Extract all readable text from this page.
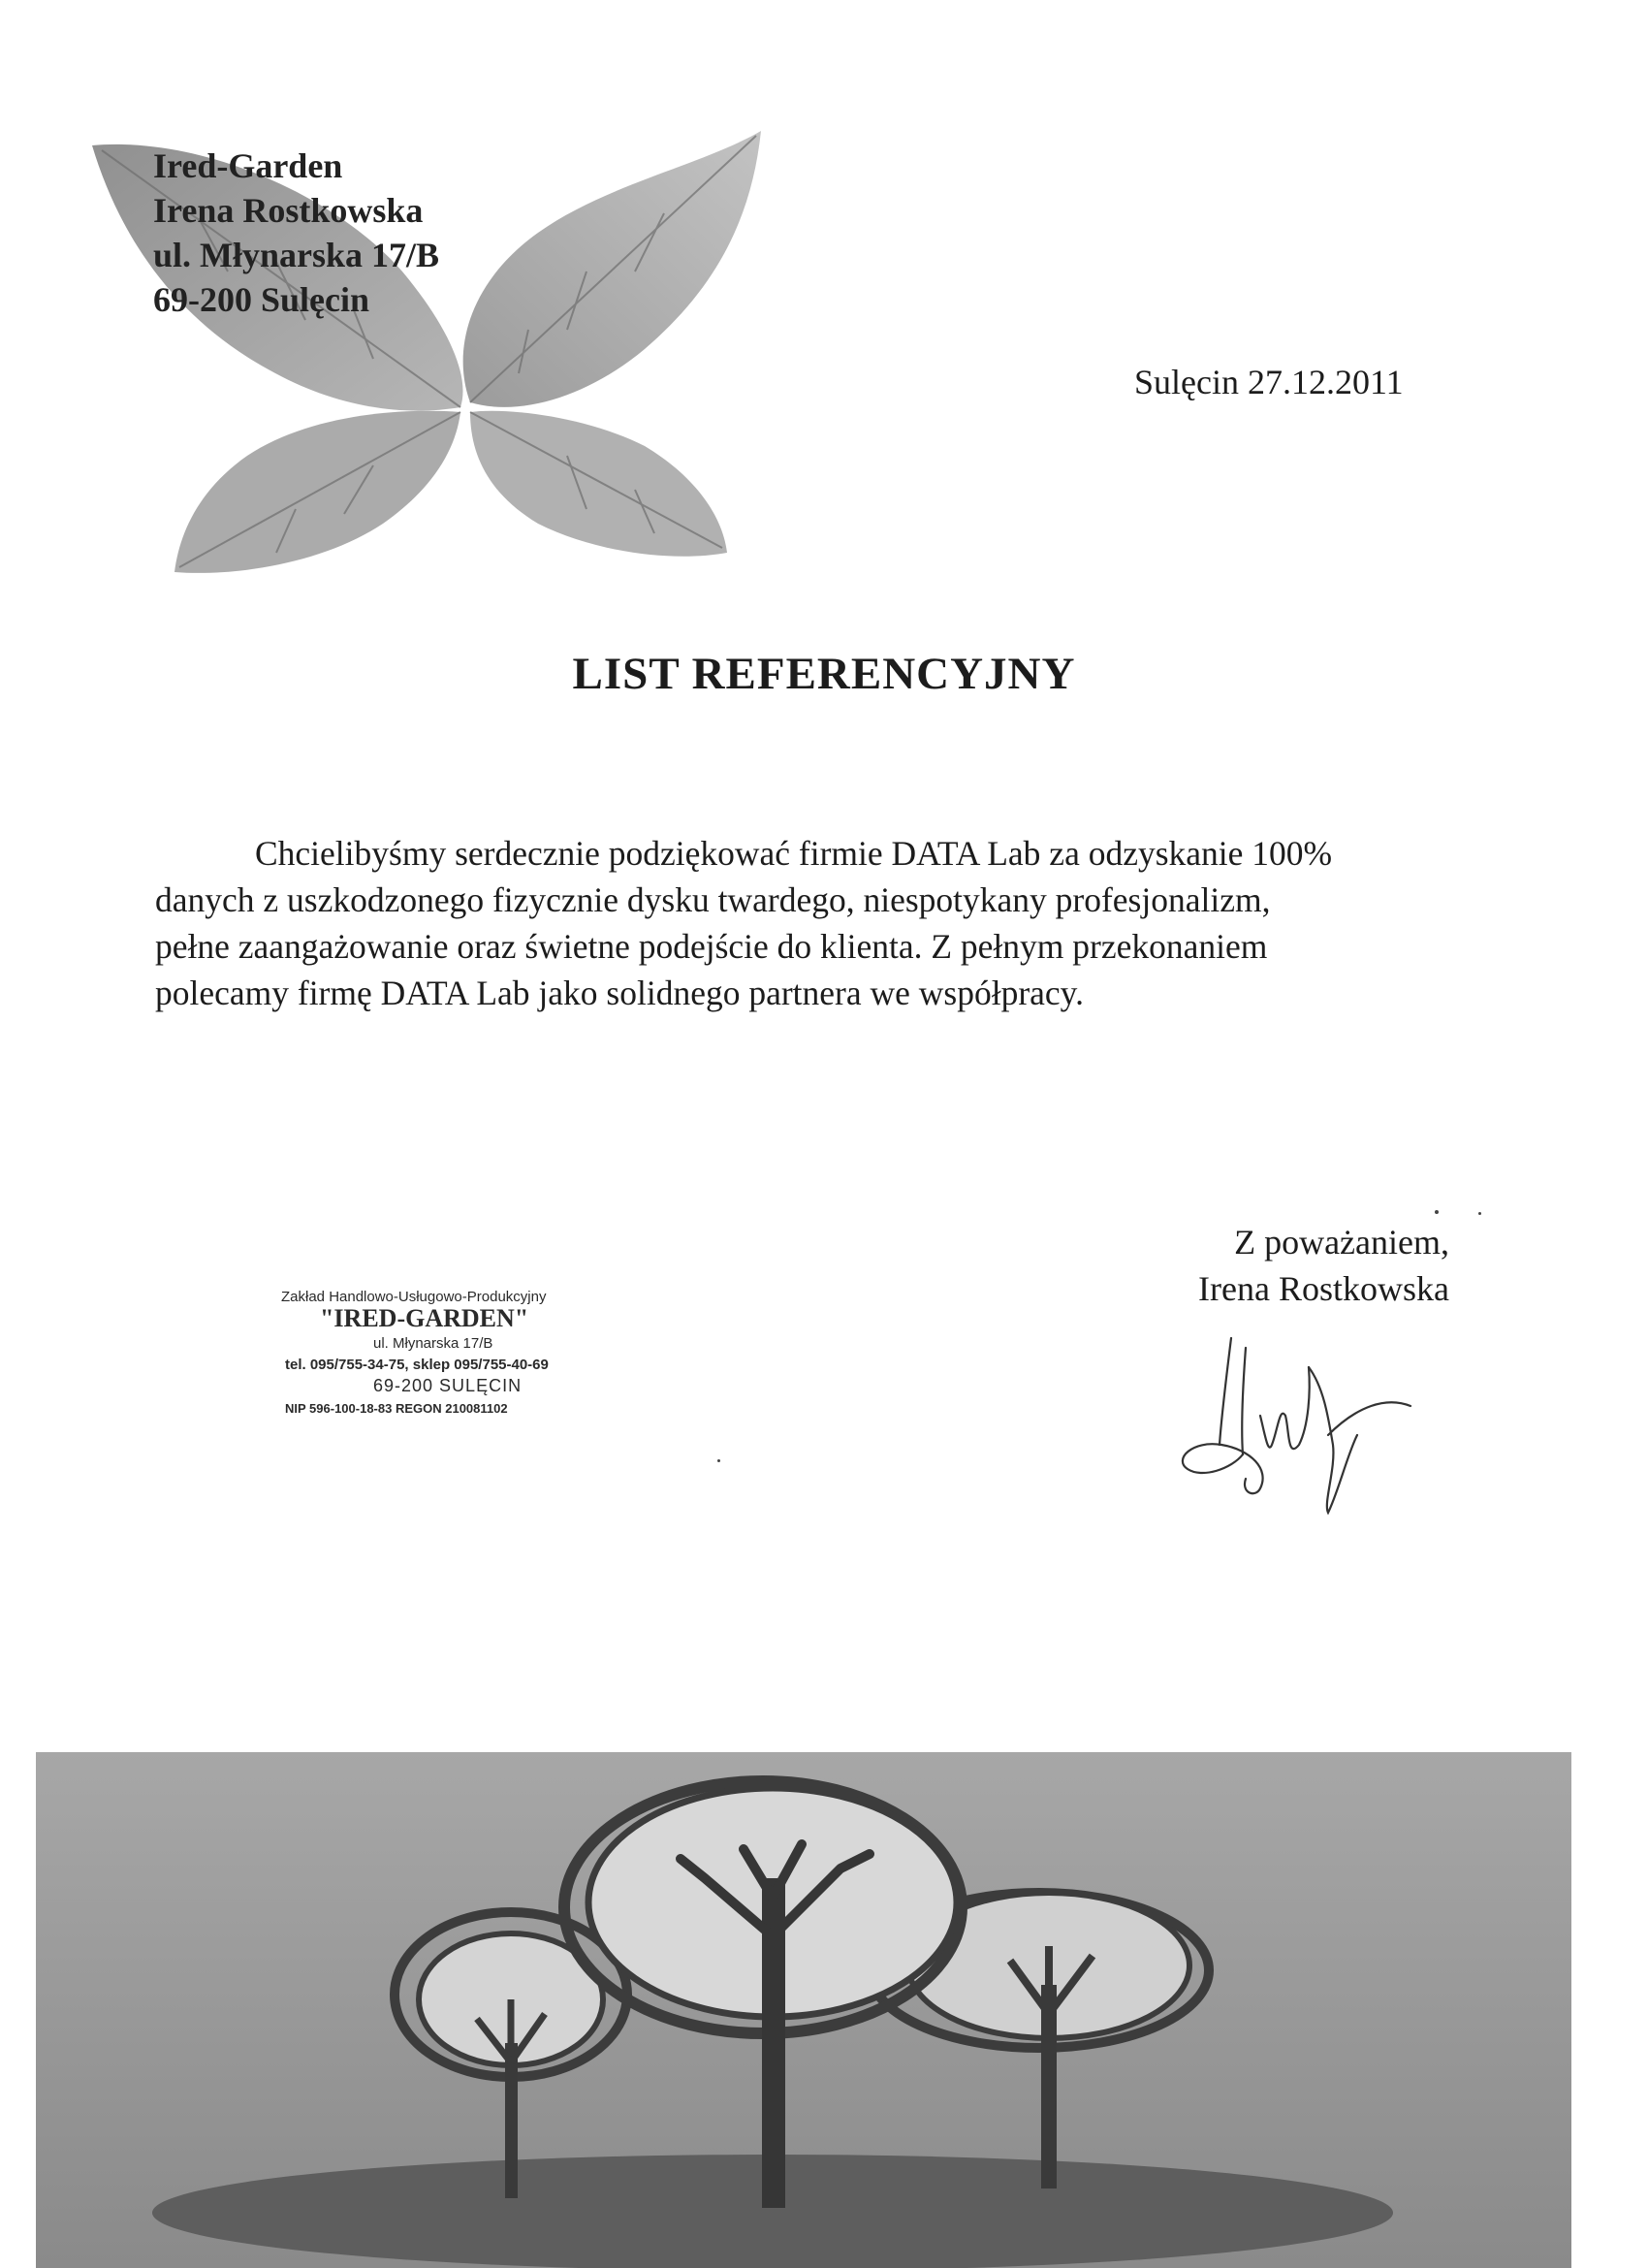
Ired-Garden
Irena Rostkowska
ul. Młynarska 17/B
69-200 Sulęcin
Sulęcin 27.12.2011
LIST REFERENCYJNY

Chcielibyśmy serdecznie podziękować firmie DATA Lab za odzyskanie 100%

danych z uszkodzonego fizycznie dysku twardego, niespotykany profesjonalizm,

pełne zaangażowanie oraz świetne podejście do klienta. Z pełnym przekonaniem

polecamy firmę DATA Lab jako solidnego partnera we współpracy.

Z poważaniem,
Irena Rostkowska
Zakład Handlowo-Usługowo-Produkcyjny
"IRED-GARDEN"
ul. Młynarska 17/B
tel. 095/755-34-75, sklep 095/755-40-69
69-200 SULĘCIN
NIP 596-100-18-83 REGON 210081102
